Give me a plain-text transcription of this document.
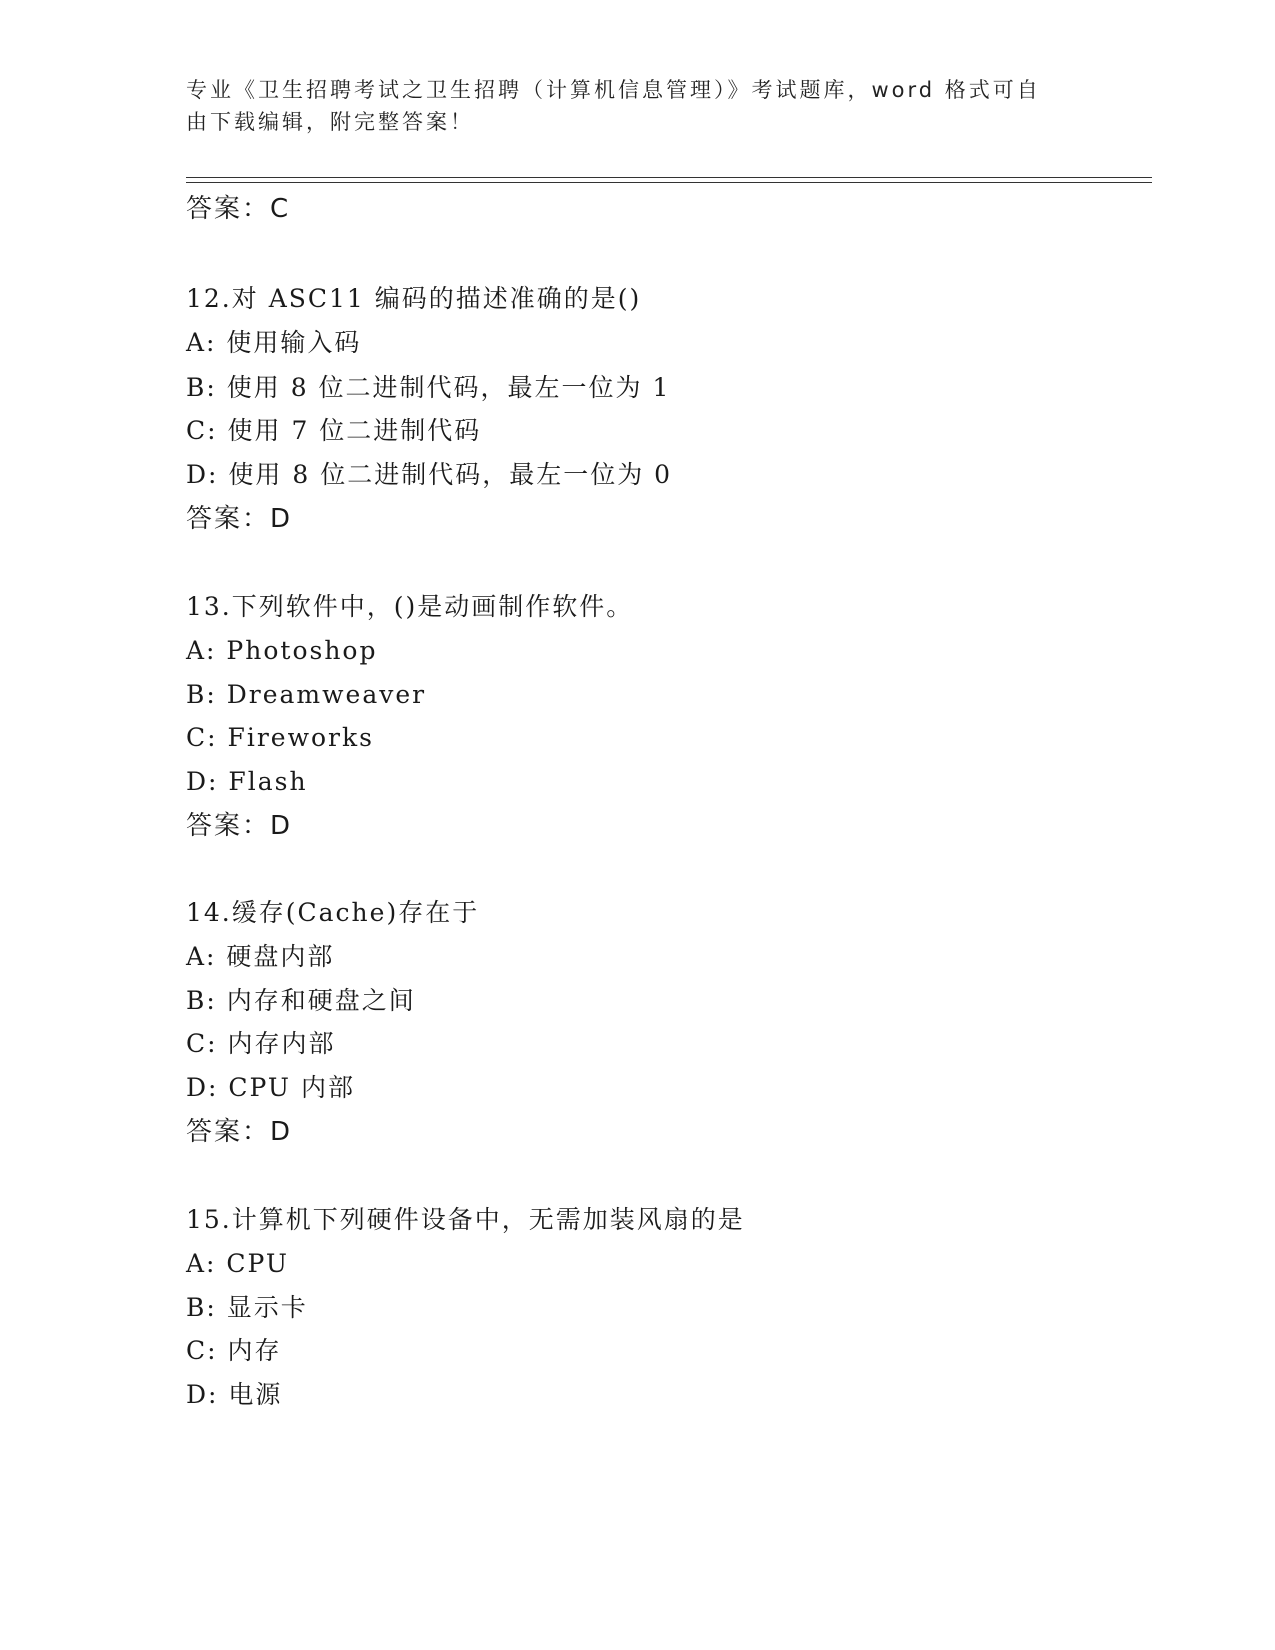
专业《卫生招聘考试之卫生招聘（计算机信息管理）》考试题库，word 格式可自
由下载编辑，附完整答案！
答案：C
12.对 ASC11 编码的描述准确的是()
A: 使用输入码
B: 使用 8 位二进制代码，最左一位为 1
C: 使用 7 位二进制代码
D: 使用 8 位二进制代码，最左一位为 0
答案：D
13.下列软件中，()是动画制作软件。
A: Photoshop
B: Dreamweaver
C: Fireworks
D: Flash
答案：D
14.缓存(Cache)存在于
A: 硬盘内部
B: 内存和硬盘之间
C: 内存内部
D: CPU 内部
答案：D
15.计算机下列硬件设备中，无需加装风扇的是
A: CPU
B: 显示卡
C: 内存
D: 电源
